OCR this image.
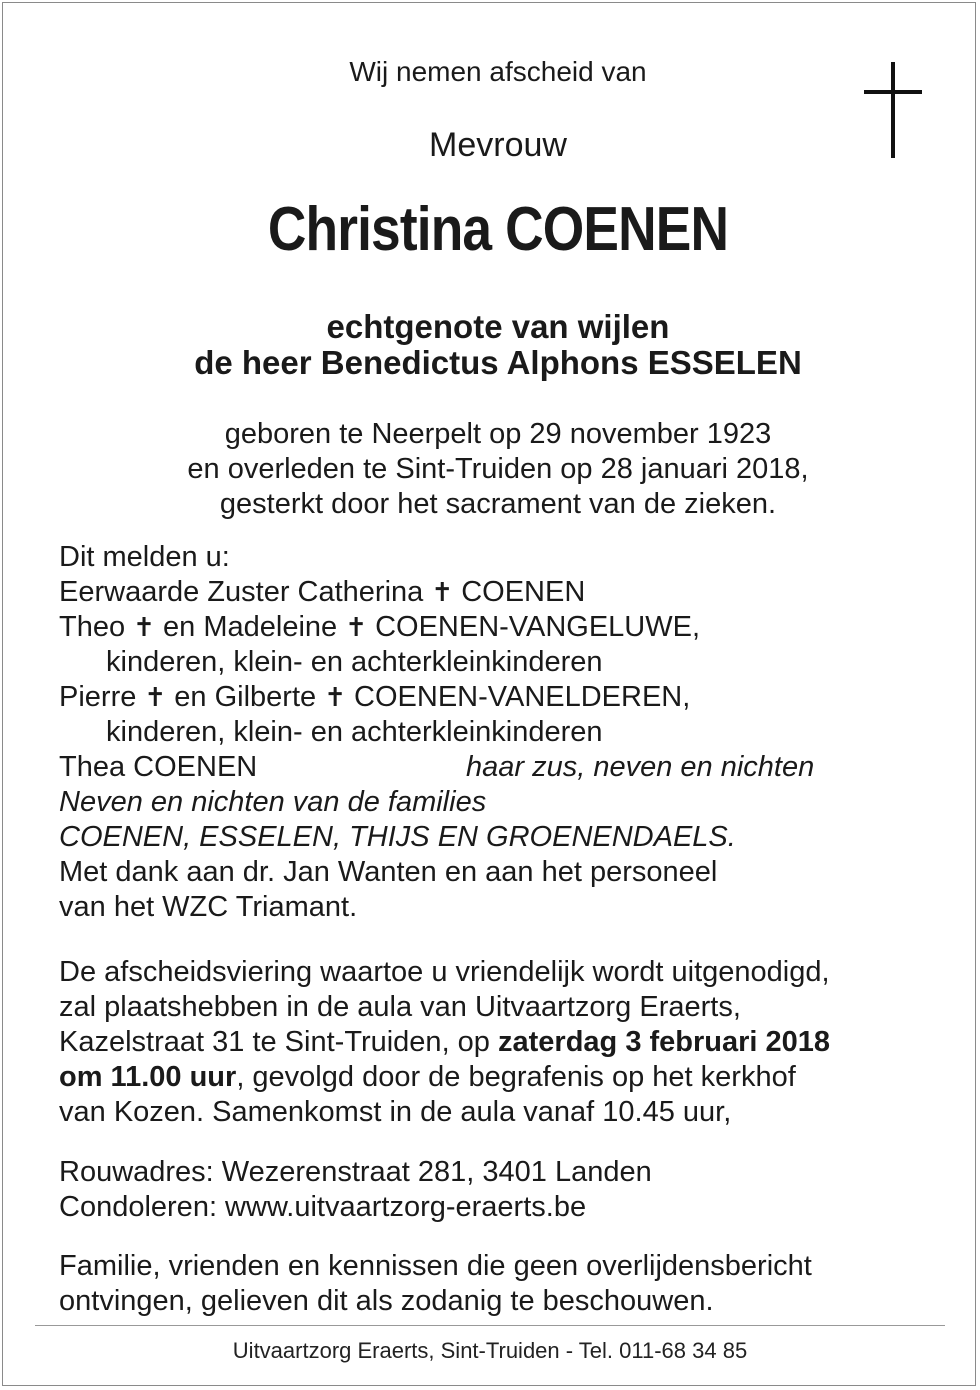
Wij nemen afscheid van
Mevrouw
Christina COENEN
echtgenote van wijlen
de heer Benedictus Alphons ESSELEN
geboren te Neerpelt op 29 november 1923
en overleden te Sint-Truiden op 28 januari 2018,
gesterkt door het sacrament van de zieken.
Dit melden u:
Eerwaarde Zuster Catherina ✝ COENEN
Theo ✝ en Madeleine ✝ COENEN-VANGELUWE,
kinderen, klein- en achterkleinkinderen
Pierre ✝ en Gilberte ✝ COENEN-VANELDEREN,
kinderen, klein- en achterkleinkinderen
Thea COENEN	haar zus, neven en nichten
Neven en nichten van de families
COENEN, ESSELEN, THIJS EN GROENENDAELS.
Met dank aan dr. Jan Wanten en aan het personeel
van het WZC Triamant.
De afscheidsviering waartoe u vriendelijk wordt uitgenodigd,
zal plaatshebben in de aula van Uitvaartzorg Eraerts,
Kazelstraat 31 te Sint-Truiden, op zaterdag 3 februari 2018
om 11.00 uur, gevolgd door de begrafenis op het kerkhof
van Kozen. Samenkomst in de aula vanaf 10.45 uur,
Rouwadres: Wezerenstraat 281, 3401 Landen
Condoleren: www.uitvaartzorg-eraerts.be
Familie, vrienden en kennissen die geen overlijdensbericht
ontvingen, gelieven dit als zodanig te beschouwen.
Uitvaartzorg Eraerts, Sint-Truiden - Tel. 011-68 34 85
